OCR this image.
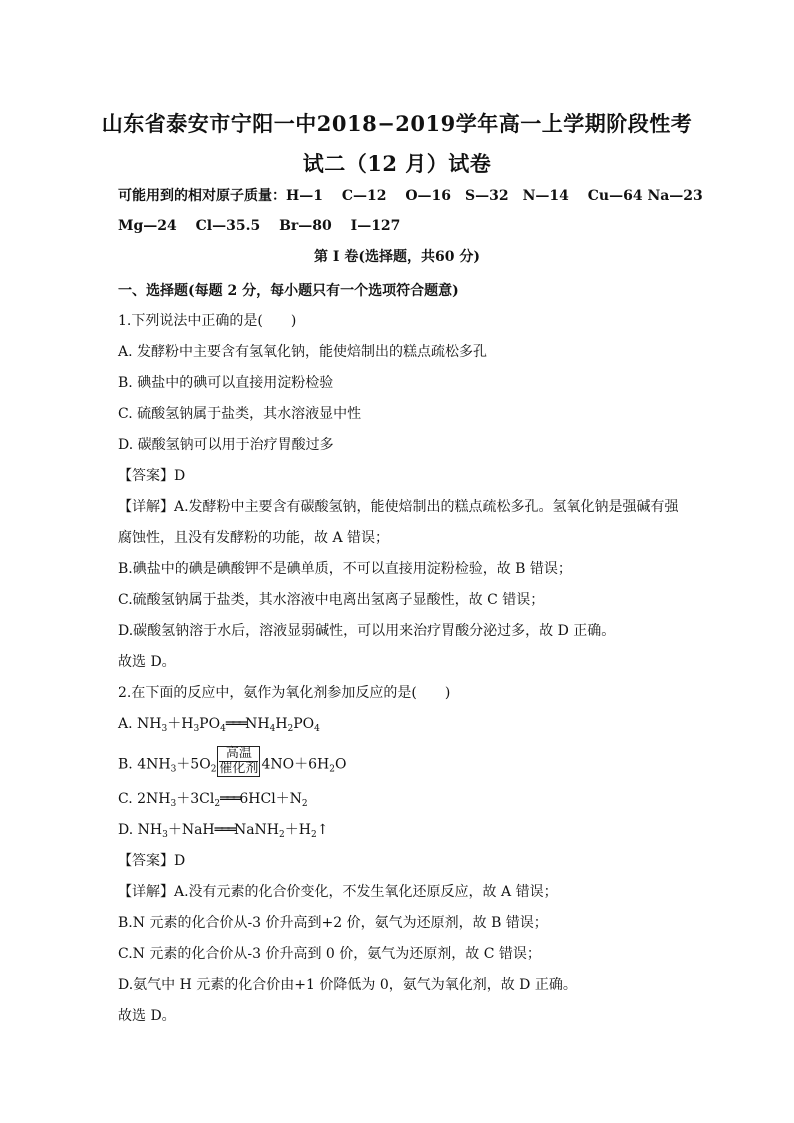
山东省泰安市宁阳一中2018−2019学年高一上学期阶段性考
试二（12 月）试卷
可能用到的相对原子质量：H—1　 C—12　 O—16　S—32　N—14　 Cu—64 Na—23
Mg—24　 Cl—35.5　 Br—80　 I—127
第 I 卷(选择题，共60 分)
一、选择题(每题 2 分，每小题只有一个选项符合题意)
1.下列说法中正确的是(　　)
A. 发酵粉中主要含有氢氧化钠，能使焙制出的糕点疏松多孔
B. 碘盐中的碘可以直接用淀粉检验
C. 硫酸氢钠属于盐类，其水溶液显中性
D. 碳酸氢钠可以用于治疗胃酸过多
【答案】D
【详解】A.发酵粉中主要含有碳酸氢钠，能使焙制出的糕点疏松多孔。氢氧化钠是强碱有强
腐蚀性，且没有发酵粉的功能，故 A 错误；
B.碘盐中的碘是碘酸钾不是碘单质，不可以直接用淀粉检验，故 B 错误；
C.硫酸氢钠属于盐类，其水溶液中电离出氢离子显酸性，故 C 错误；
D.碳酸氢钠溶于水后，溶液显弱碱性，可以用来治疗胃酸分泌过多，故 D 正确。
故选 D。
2.在下面的反应中，氨作为氧化剂参加反应的是(　　)
A. $NH_3+H_3PO_4═══NH_4H_2PO_4$
B. $4NH_3+5O_2$
高温
催化剂 $4NO+6H_2O$
C. $2NH_3+3Cl_2═══6HCl+N_2$
D. $NH_3+NaH═══NaNH_2+H_2↑$
【答案】D
【详解】A.没有元素的化合价变化，不发生氧化还原反应，故 A 错误；
B.N 元素的化合价从-3 价升高到+2 价，氨气为还原剂，故 B 错误；
C.N 元素的化合价从-3 价升高到 0 价，氨气为还原剂，故 C 错误；
D.氨气中 H 元素的化合价由+1 价降低为 0，氨气为氧化剂，故 D 正确。
故选 D。
